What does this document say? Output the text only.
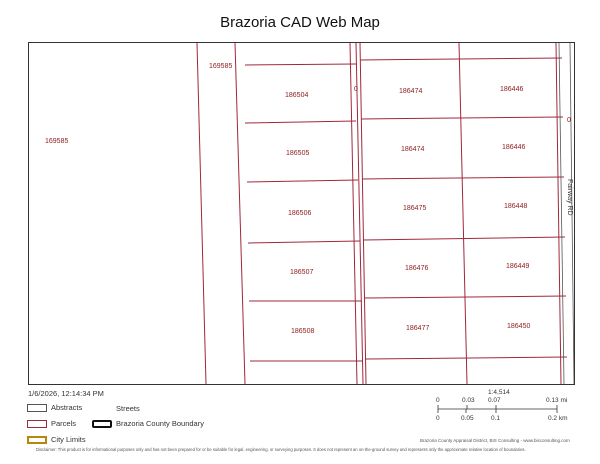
Brazoria CAD Web Map
169585
169585
186504
186505
186506
186507
186508
186474
186474
186475
186476
186477
186446
186446
186448
186449
186450
0
0
Fairway RD
1/6/2026, 12:14:34 PM
Abstracts
Parcels
City Limits
Streets
Brazoria County Boundary
1:4,514
0	0.03 0.07	0.13 mi
0	0.05	0.1	0.2 km
Brazoria County Appraisal District, BIS Consulting - www.bisconsulting.com
Disclaimer: This product is for informational purposes only and has not been prepared for or be suitable for legal, engineering, or surveying purposes. It does not represent an on-the-ground survey and represents only the approximate relative location of boundaries.
